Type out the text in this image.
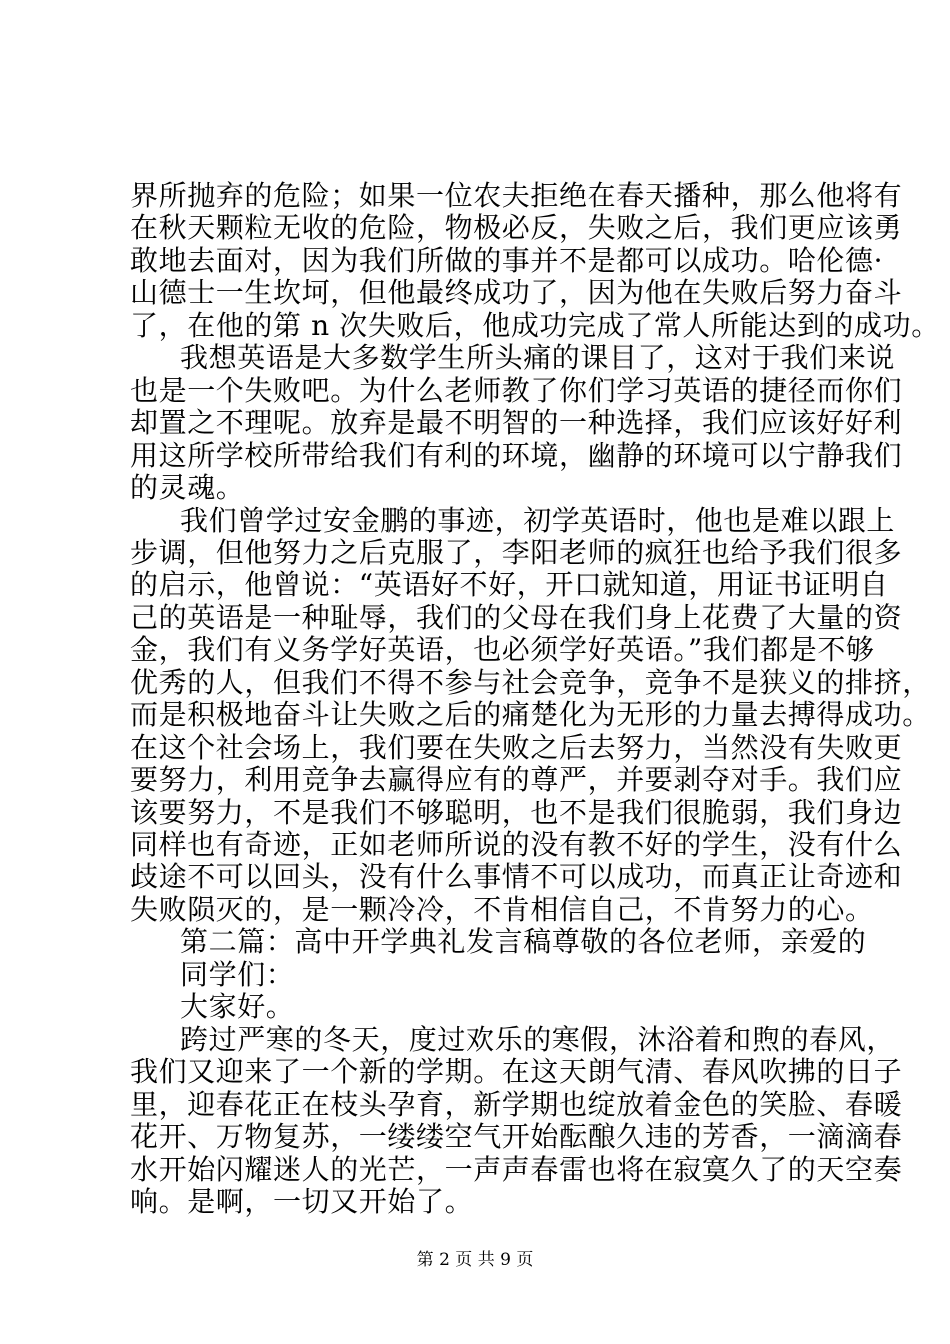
界所抛弃的危险；如果一位农夫拒绝在春天播种，那么他将有
在秋天颗粒无收的危险，物极必反，失败之后，我们更应该勇
敢地去面对，因为我们所做的事并不是都可以成功。哈伦德·
山德士一生坎坷，但他最终成功了，因为他在失败后努力奋斗
了，在他的第 n 次失败后，他成功完成了常人所能达到的成功。
我想英语是大多数学生所头痛的课目了，这对于我们来说
也是一个失败吧。为什么老师教了你们学习英语的捷径而你们
却置之不理呢。放弃是最不明智的一种选择，我们应该好好利
用这所学校所带给我们有利的环境，幽静的环境可以宁静我们
的灵魂。
我们曾学过安金鹏的事迹，初学英语时，他也是难以跟上
步调，但他努力之后克服了，李阳老师的疯狂也给予我们很多
的启示，他曾说：“英语好不好，开口就知道，用证书证明自
己的英语是一种耻辱，我们的父母在我们身上花费了大量的资
金，我们有义务学好英语，也必须学好英语。”我们都是不够
优秀的人，但我们不得不参与社会竞争，竞争不是狭义的排挤，
而是积极地奋斗让失败之后的痛楚化为无形的力量去搏得成功。
在这个社会场上，我们要在失败之后去努力，当然没有失败更
要努力，利用竞争去赢得应有的尊严，并要剥夺对手。我们应
该要努力，不是我们不够聪明，也不是我们很脆弱，我们身边
同样也有奇迹，正如老师所说的没有教不好的学生，没有什么
歧途不可以回头，没有什么事情不可以成功，而真正让奇迹和
失败陨灭的，是一颗冷冷，不肯相信自己，不肯努力的心。
第二篇：高中开学典礼发言稿尊敬的各位老师，亲爱的
同学们：
大家好。
跨过严寒的冬天，度过欢乐的寒假，沐浴着和煦的春风，
我们又迎来了一个新的学期。在这天朗气清、春风吹拂的日子
里，迎春花正在枝头孕育，新学期也绽放着金色的笑脸、春暖
花开、万物复苏，一缕缕空气开始酝酿久违的芳香，一滴滴春
水开始闪耀迷人的光芒，一声声春雷也将在寂寞久了的天空奏
响。是啊，一切又开始了。
第 2 页 共 9 页
